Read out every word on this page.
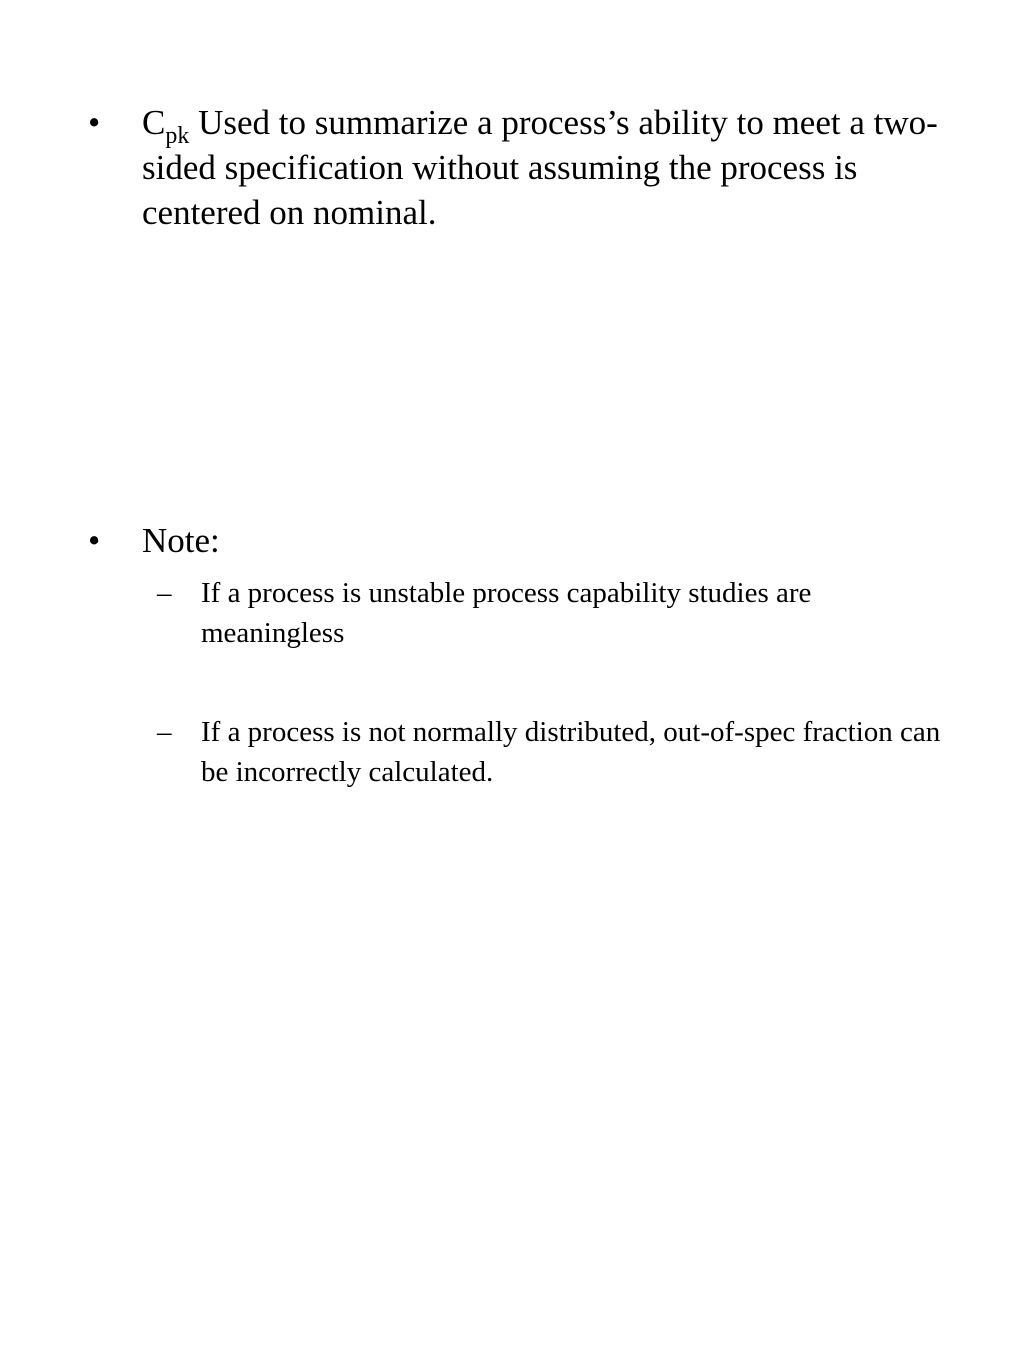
•	$C_{pk}$ Used to summarize a process’s ability to meet a two-sided specification without assuming the process is centered on nominal.
•	Note:
– If a process is unstable process capability studies are meaningless
– If a process is not normally distributed, out-of-spec fraction can be incorrectly calculated.
